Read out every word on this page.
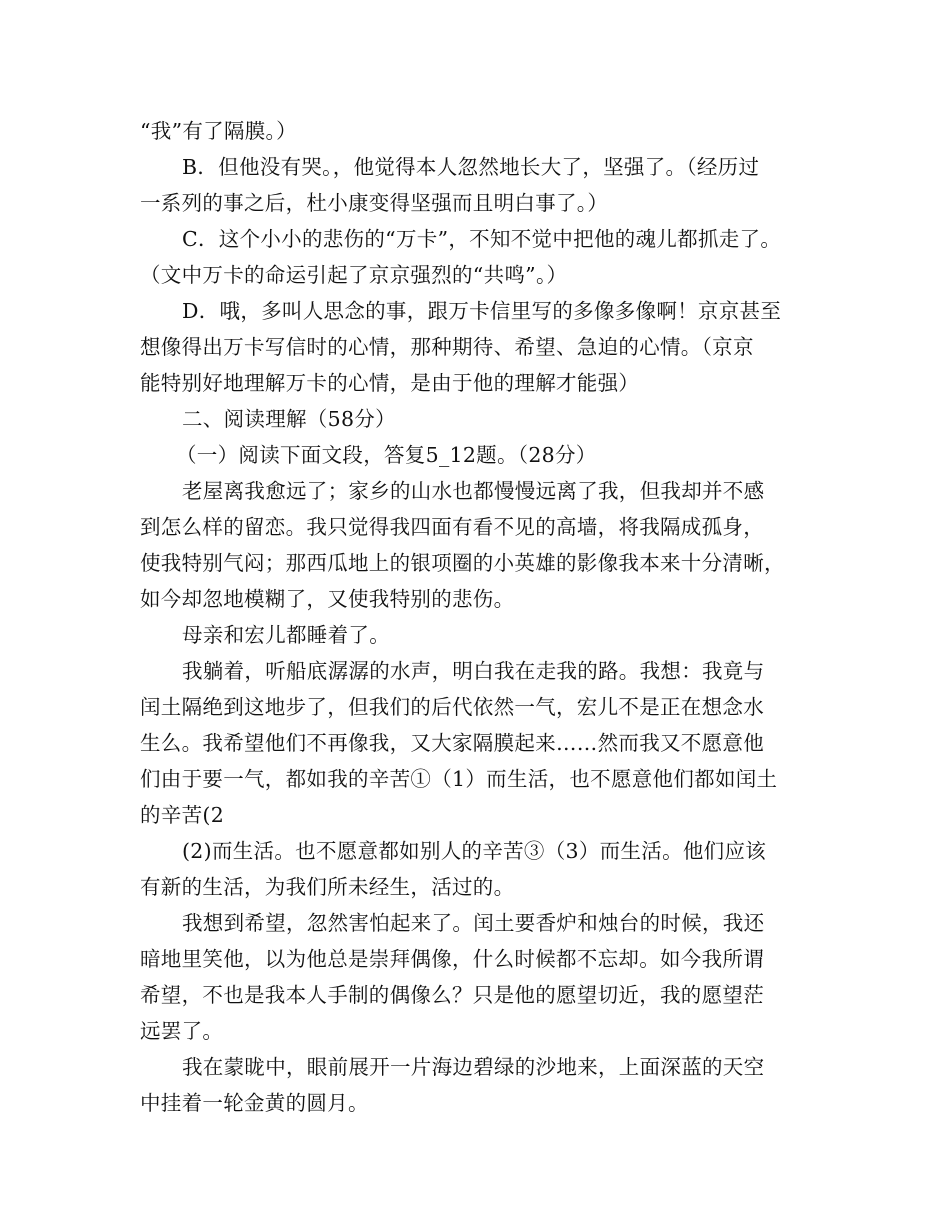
“我”有了隔膜。）

B．但他没有哭。，他觉得本人忽然地长大了，坚强了。（经历过

一系列的事之后，杜小康变得坚强而且明白事了。）

C．这个小小的悲伤的“万卡”，不知不觉中把他的魂儿都抓走了。

（文中万卡的命运引起了京京强烈的“共鸣”。）

D．哦，多叫人思念的事，跟万卡信里写的多像多像啊！京京甚至

想像得出万卡写信时的心情，那种期待、希望、急迫的心情。（京京

能特别好地理解万卡的心情，是由于他的理解才能强）

二、阅读理解（58分）

（一）阅读下面文段，答复5_12题。（28分）

老屋离我愈远了；家乡的山水也都慢慢远离了我，但我却并不感

到怎么样的留恋。我只觉得我四面有看不见的高墙，将我隔成孤身，

使我特别气闷；那西瓜地上的银项圈的小英雄的影像我本来十分清晰，

如今却忽地模糊了，又使我特别的悲伤。

母亲和宏儿都睡着了。

我躺着，听船底潺潺的水声，明白我在走我的路。我想：我竟与

闰土隔绝到这地步了，但我们的后代依然一气，宏儿不是正在想念水

生么。我希望他们不再像我，又大家隔膜起来……然而我又不愿意他

们由于要一气，都如我的辛苦①（1）而生活，也不愿意他们都如闰土

的辛苦(2

(2)而生活。也不愿意都如别人的辛苦③（3）而生活。他们应该

有新的生活，为我们所未经生，活过的。

我想到希望，忽然害怕起来了。闰土要香炉和烛台的时候，我还

暗地里笑他，以为他总是崇拜偶像，什么时候都不忘却。如今我所谓

希望，不也是我本人手制的偶像么？只是他的愿望切近，我的愿望茫

远罢了。

我在蒙昽中，眼前展开一片海边碧绿的沙地来，上面深蓝的天空

中挂着一轮金黄的圆月。
